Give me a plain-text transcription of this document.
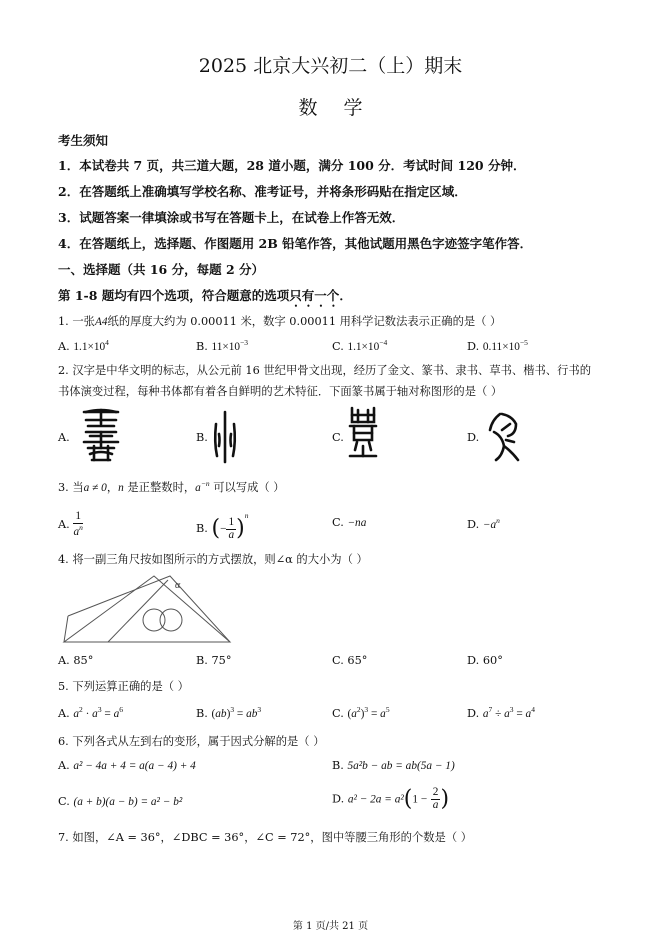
2025 北京大兴初二（上）期末
数学
考生须知
1．本试卷共 7 页，共三道大题，28 道小题，满分 100 分．考试时间 120 分钟．
2．在答题纸上准确填写学校名称、准考证号，并将条形码贴在指定区域．
3．试题答案一律填涂或书写在答题卡上，在试卷上作答无效．
4．在答题纸上，选择题、作图题用 2B 铅笔作答，其他试题用黑色字迹签字笔作答．
一、选择题（共 16 分，每题 2 分）
第 1-8 题均有四个选项，符合题意的选项只有一个．
1. 一张A4纸的厚度大约为 0.00011 米，数字 0.00011 用科学记数法表示正确的是（ ）
A. $1.1\times 10^4$	B. $11\times 10^{-3}$	C. $1.1\times 10^{-4}$	D. $0.11\times 10^{-5}$
2. 汉字是中华文明的标志，从公元前 16 世纪甲骨文出现，经历了金文、篆书、隶书、草书、楷书、行书的
书体演变过程，每种书体都有着各自鲜明的艺术特征．下面篆书属于轴对称图形的是（ ）
A.	B.	C.	D.
3. 当a ≠ 0，n 是正整数时，$a^{-n}$ 可以写成（ ）
A. $\frac{1}{a^n}$	B. (− $\frac{1}{a} )^n$
C. −na	D. $-a^n$
4. 将一副三角尺按如图所示的方式摆放，则∠α 的大小为（ ）
α
A. 85°	B. 75°	C. 65°	D. 60°
5. 下列运算正确的是（ ）
A. $a^2 \cdot a^3 = a^6$	B. $(ab)^3 = ab^3$	C. $(a^2)^3 = a^5$	D. $a^7 \div a^3 = a^4$
6. 下列各式从左到右的变形，属于因式分解的是（ ）
A. a² − 4a + 4 = a(a − 4) + 4	B. 5a²b − ab = ab(5a − 1)
C. (a + b)(a − b) = a² − b²	D. $a^2 - 2a = a^2(1 - \frac{2}{a}$ )
7. 如图，∠A = 36°，∠DBC = 36°，∠C = 72°，图中等腰三角形的个数是（ ）
第 1 页/共 21 页
